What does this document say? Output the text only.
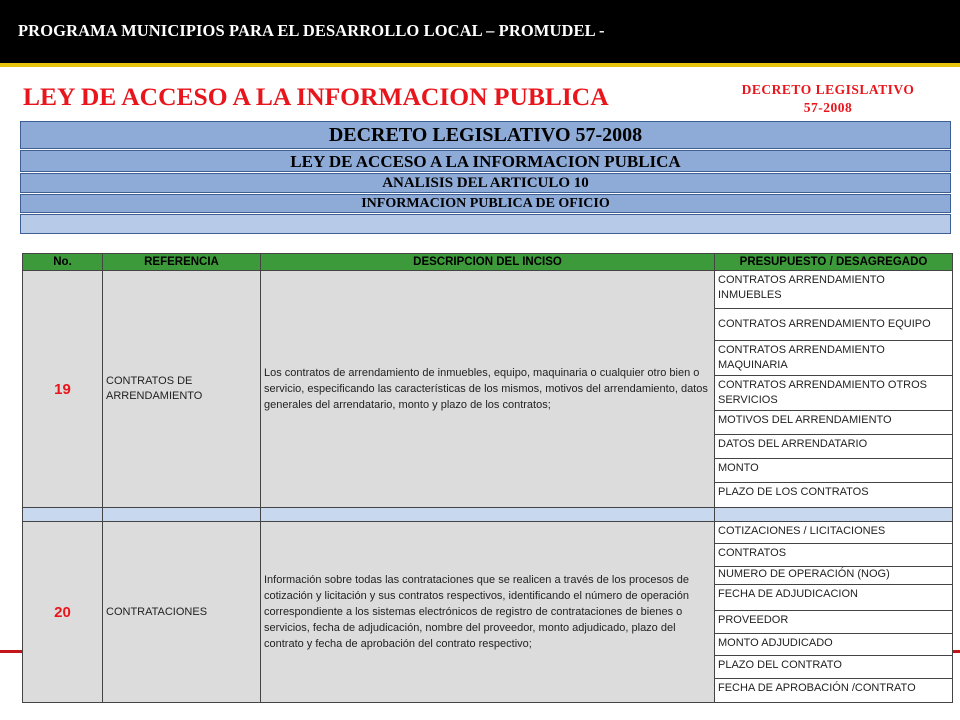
PROGRAMA MUNICIPIOS PARA EL DESARROLLO LOCAL – PROMUDEL -
LEY DE ACCESO A LA INFORMACION PUBLICA	DECRETO LEGISLATIVO
57-2008
DECRETO LEGISLATIVO 57-2008
LEY DE ACCESO A LA INFORMACION PUBLICA
ANALISIS DEL ARTICULO 10
INFORMACION PUBLICA DE OFICIO
No.	REFERENCIA	DESCRIPCION DEL INCISO	PRESUPUESTO / DESAGREGADO
19	CONTRATOS DE ARRENDAMIENTO	Los contratos de arrendamiento de inmuebles, equipo, maquinaria o cualquier otro bien o servicio, especificando las características de los mismos, motivos del arrendamiento, datos generales del arrendatario, monto y plazo de los contratos;	CONTRATOS ARRENDAMIENTO INMUEBLES
			CONTRATOS ARRENDAMIENTO EQUIPO
			CONTRATOS ARRENDAMIENTO MAQUINARIA
			CONTRATOS ARRENDAMIENTO OTROS SERVICIOS
			MOTIVOS DEL ARRENDAMIENTO
			DATOS DEL ARRENDATARIO
			MONTO
			PLAZO DE LOS CONTRATOS

20	CONTRATACIONES	Información sobre todas las contrataciones que se realicen a través de los procesos de cotización y licitación y sus contratos respectivos, identificando el número de operación correspondiente a los sistemas electrónicos de registro de contrataciones de bienes o servicios, fecha de adjudicación, nombre del proveedor, monto adjudicado, plazo del contrato y fecha de aprobación del contrato respectivo;	COTIZACIONES / LICITACIONES
			CONTRATOS
			NUMERO DE OPERACIÓN (NOG)
			FECHA DE ADJUDICACION
			PROVEEDOR
			MONTO ADJUDICADO
			PLAZO DEL CONTRATO
			FECHA DE APROBACIÓN /CONTRATO
